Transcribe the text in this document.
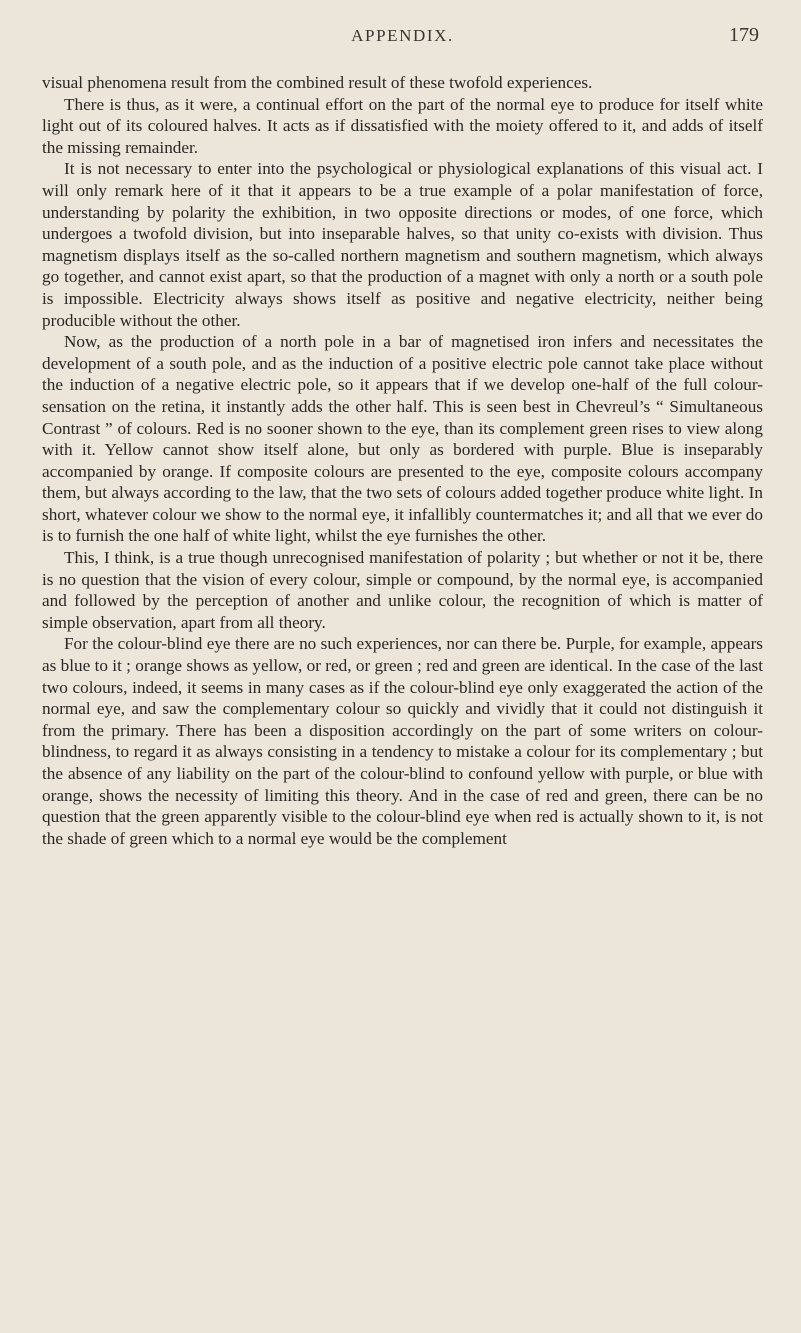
APPENDIX.	179

visual phenomena result from the combined result of these twofold experiences.

There is thus, as it were, a continual effort on the part of the normal eye to produce for itself white light out of its coloured halves. It acts as if dissatisfied with the moiety offered to it, and adds of itself the missing remainder.

It is not necessary to enter into the psychological or physiological explanations of this visual act. I will only remark here of it that it appears to be a true example of a polar manifestation of force, understanding by polarity the exhibition, in two opposite directions or modes, of one force, which undergoes a twofold division, but into inseparable halves, so that unity co-exists with division. Thus magnetism displays itself as the so-called northern magnetism and southern magnetism, which always go together, and cannot exist apart, so that the production of a magnet with only a north or a south pole is impossible. Electricity always shows itself as positive and negative electricity, neither being producible without the other.

Now, as the production of a north pole in a bar of magnetised iron infers and necessitates the development of a south pole, and as the induction of a positive electric pole cannot take place without the induction of a negative electric pole, so it appears that if we develop one-half of the full colour-sensation on the retina, it instantly adds the other half. This is seen best in Chevreul’s “ Simultaneous Contrast ” of colours. Red is no sooner shown to the eye, than its complement green rises to view along with it. Yellow cannot show itself alone, but only as bordered with purple. Blue is inseparably accompanied by orange. If composite colours are presented to the eye, composite colours accompany them, but always according to the law, that the two sets of colours added together produce white light. In short, whatever colour we show to the normal eye, it infallibly countermatches it; and all that we ever do is to furnish the one half of white light, whilst the eye furnishes the other.

This, I think, is a true though unrecognised manifestation of polarity ; but whether or not it be, there is no question that the vision of every colour, simple or compound, by the normal eye, is accompanied and followed by the perception of another and unlike colour, the recognition of which is matter of simple observation, apart from all theory.

For the colour-blind eye there are no such experiences, nor can there be. Purple, for example, appears as blue to it ; orange shows as yellow, or red, or green ; red and green are identical. In the case of the last two colours, indeed, it seems in many cases as if the colour-blind eye only exaggerated the action of the normal eye, and saw the complementary colour so quickly and vividly that it could not distinguish it from the primary. There has been a disposition accordingly on the part of some writers on colour-blindness, to regard it as always consisting in a tendency to mistake a colour for its complementary ; but the absence of any liability on the part of the colour-blind to confound yellow with purple, or blue with orange, shows the necessity of limiting this theory. And in the case of red and green, there can be no question that the green apparently visible to the colour-blind eye when red is actually shown to it, is not the shade of green which to a normal eye would be the complement
